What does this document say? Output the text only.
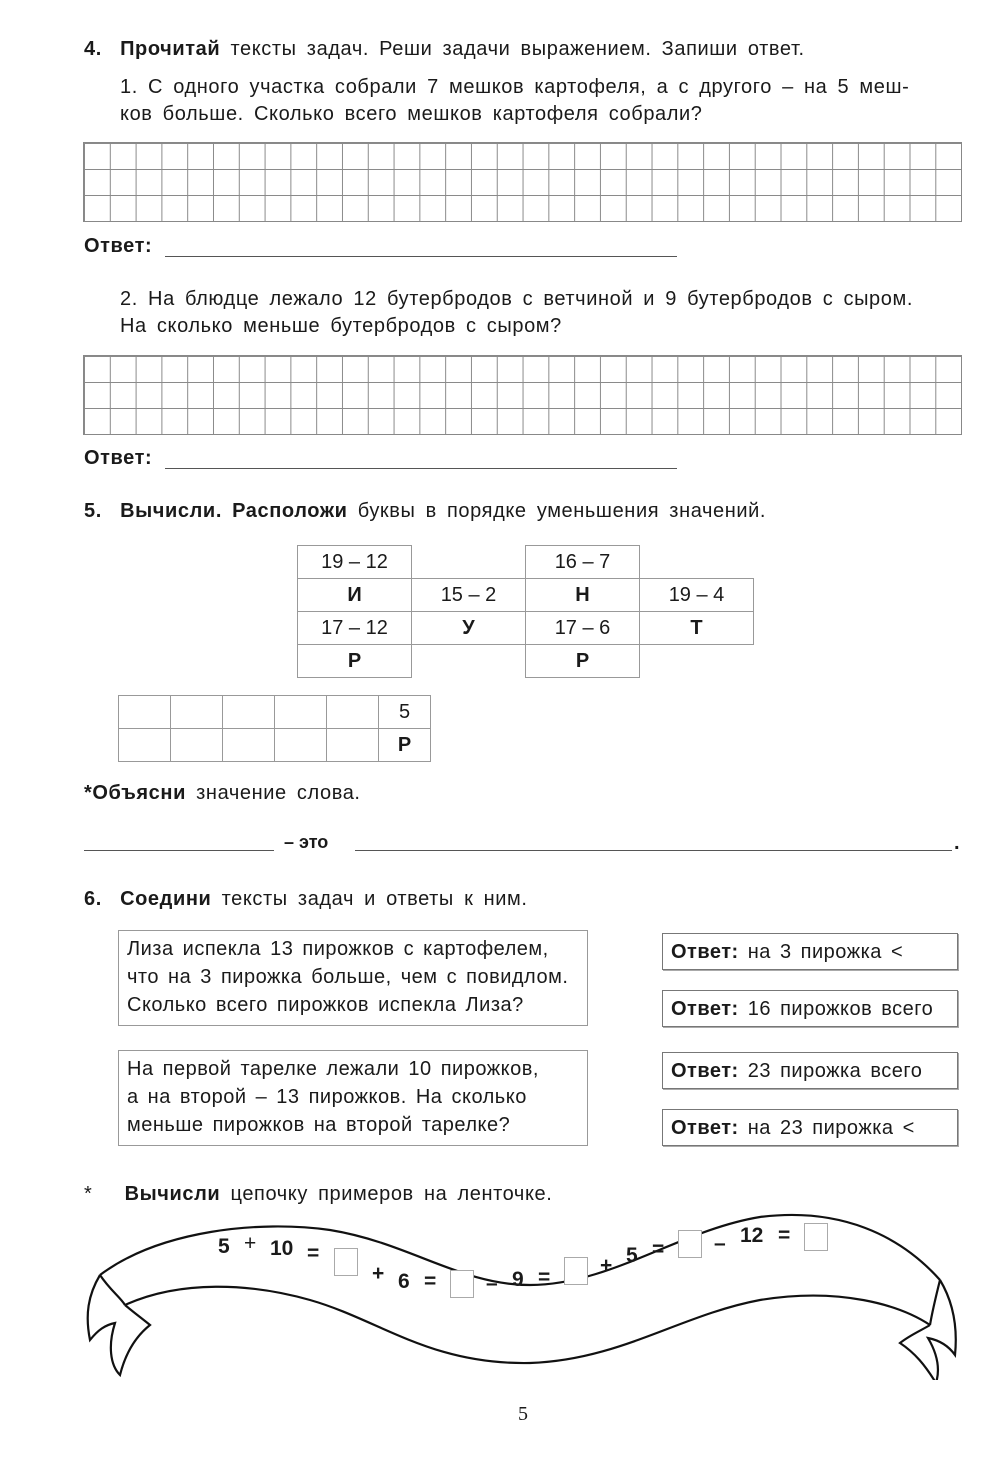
4. Прочитай тексты задач. Реши задачи выражением. Запиши ответ.
1. С одного участка собрали 7 мешков картофеля, а с другого – на 5 меш-
ков больше. Сколько всего мешков картофеля собрали?
Ответ:
2. На блюдце лежало 12 бутербродов с ветчиной и 9 бутербродов с сыром.
На сколько меньше бутербродов с сыром?
Ответ:
5. Вычисли. Расположи буквы в порядке уменьшения значений.
19 – 12		16 – 7	
И	15 – 2	Н	19 – 4
17 – 12	У	17 – 6	Т
Р		Р	
					5
					Р
*Объясни значение слова.
– это	.
6. Соедини тексты задач и ответы к ним.
Лиза испекла 13 пирожков с картофелем,
что на 3 пирожка больше, чем с повидлом.
Сколько всего пирожков испекла Лиза?
На первой тарелке лежали 10 пирожков,
а на второй – 13 пирожков. На сколько
меньше пирожков на второй тарелке?
Ответ: на 3 пирожка <
Ответ: 16 пирожков всего
Ответ: 23 пирожка всего
Ответ: на 23 пирожка <
* Вычисли цепочку примеров на ленточке.
5 + 10 =
+ 6 = – 9 =
+ 5 = – 12 =
5
